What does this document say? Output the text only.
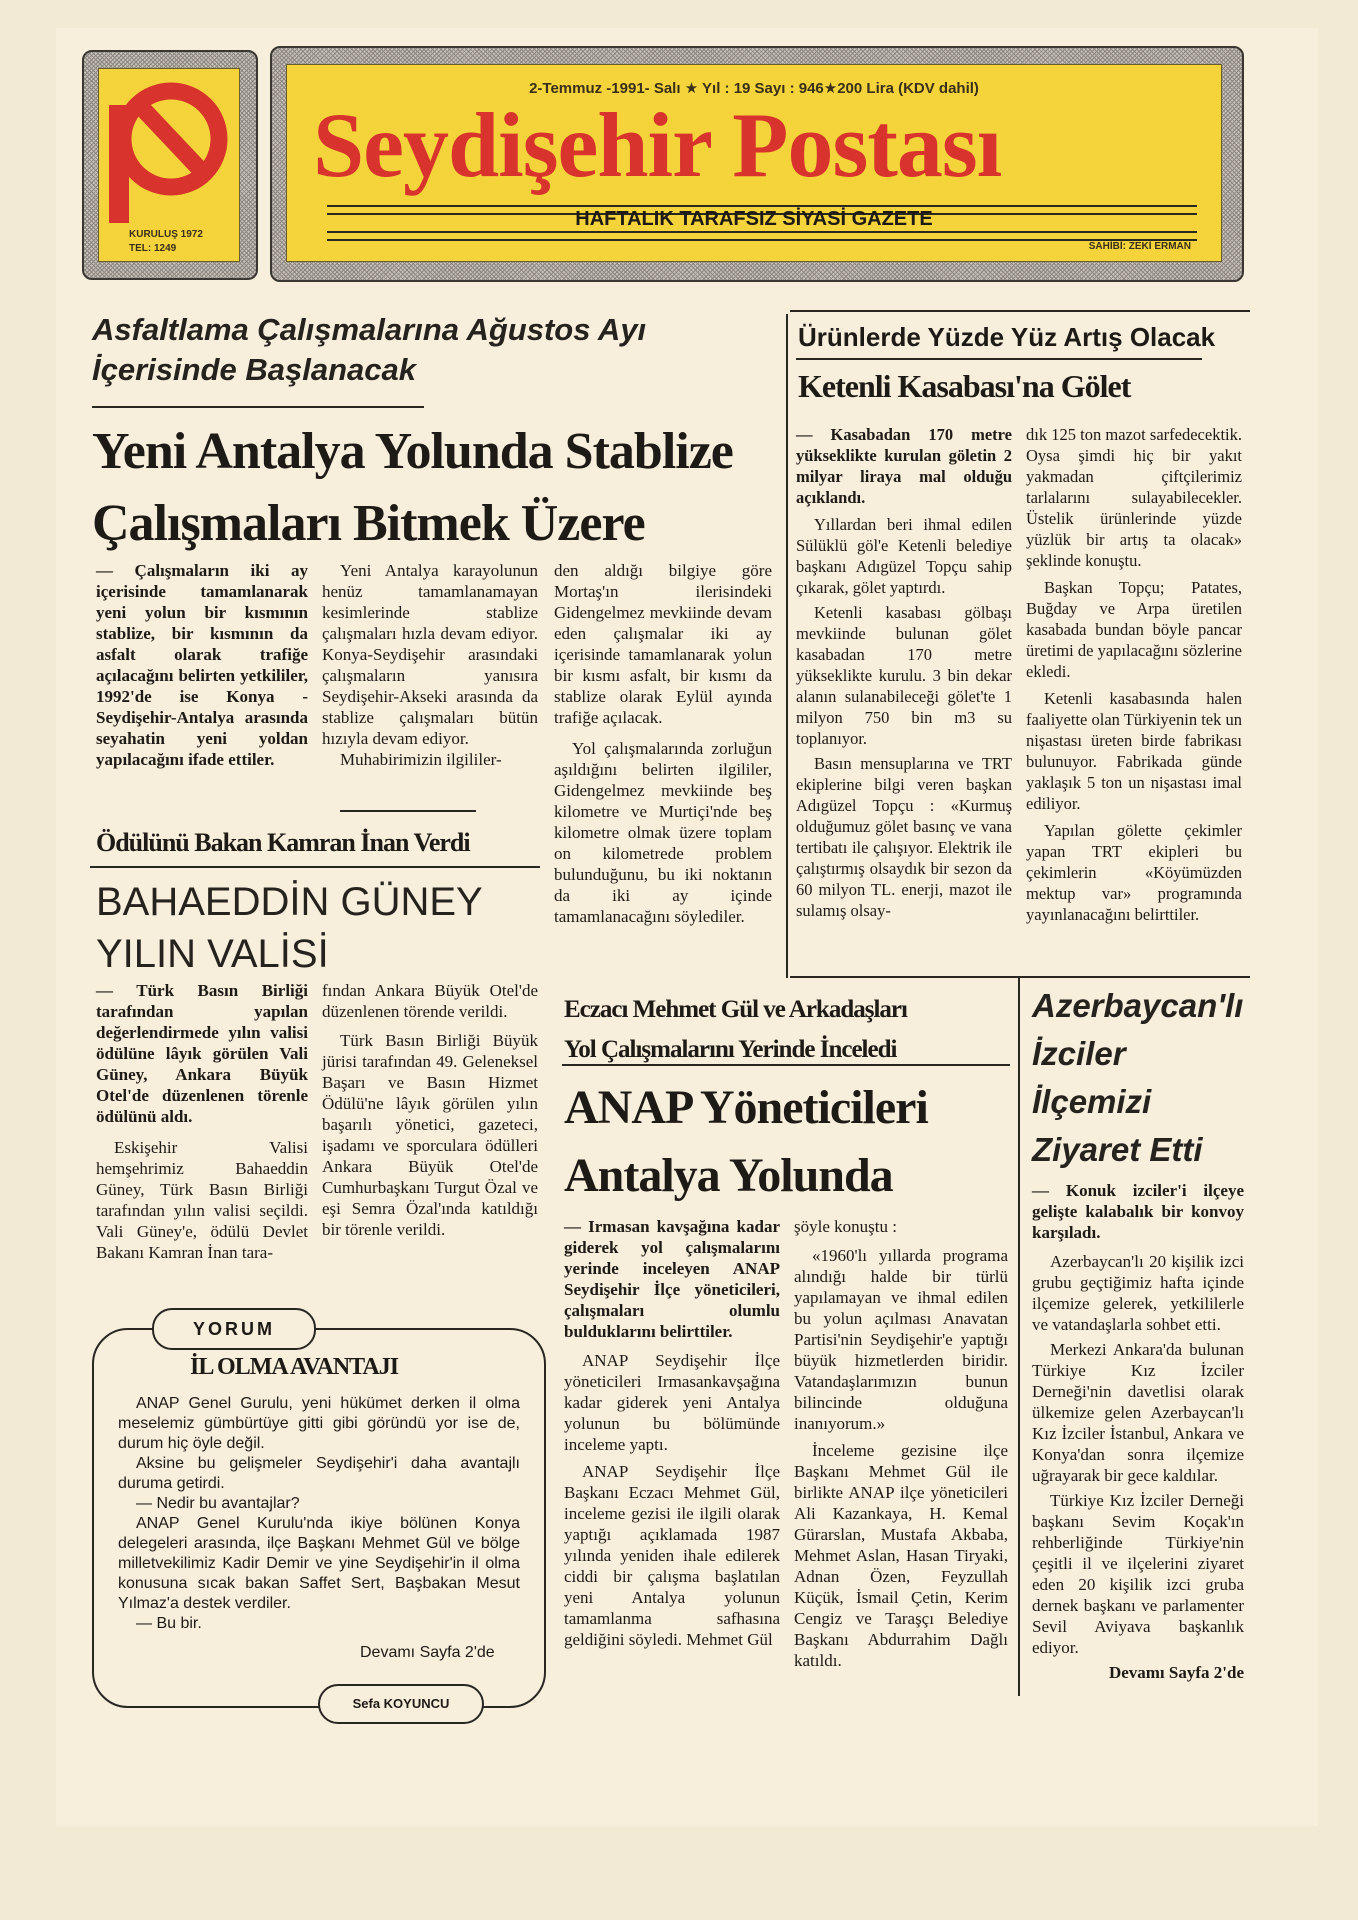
KURULUŞ 1972
TEL: 1249
2-Temmuz -1991- Salı ★ Yıl : 19 Sayı : 946★200 Lira (KDV dahil)
Seydişehir Postası
HAFTALIK TARAFSIZ SİYASİ GAZETE
SAHİBİ: ZEKİ ERMAN
Asfaltlama Çalışmalarına Ağustos Ayı
İçerisinde Başlanacak
Yeni Antalya Yolunda Stablize
Çalışmaları Bitmek Üzere
— Çalışmaların iki ay içerisinde tamamlanarak yeni yolun bir kısmının stablize, bir kısmının da asfalt olarak trafiğe açılacağını belirten yetkililer, 1992'de ise Konya - Seydişehir-Antalya arasında seyahatin yeni yoldan yapılacağını ifade ettiler.

Yeni Antalya karayolunun henüz tamamlanamayan kesimlerinde stablize çalışmaları hızla devam ediyor. Konya-Seydişehir arasındaki çalışmaların yanısıra Seydişehir-Akseki arasında da stablize çalışmaları bütün hızıyla devam ediyor.

Muhabirimizin ilgililer-

den aldığı bilgiye göre Mortaş'ın ilerisindeki Gidengelmez mevkiinde devam eden çalışmalar iki ay içerisinde tamamlanarak yolun bir kısmı asfalt, bir kısmı da stablize olarak Eylül ayında trafiğe açılacak.

Yol çalışmalarında zorluğun aşıldığını belirten ilgililer, Gidengelmez mevkiinde beş kilometre ve Murtiçi'nde beş kilometre olmak üzere toplam on kilometrede problem bulunduğunu, bu iki noktanın da iki ay içinde tamamlanacağını söylediler.

Ödülünü Bakan Kamran İnan Verdi
BAHAEDDİN GÜNEY
YILIN VALİSİ

— Türk Basın Birliği tarafından yapılan değerlendirmede yılın valisi ödülüne lâyık görülen Vali Güney, Ankara Büyük Otel'de düzenlenen törenle ödülünü aldı.

Eskişehir Valisi hemşehrimiz Bahaeddin Güney, Türk Basın Birliği tarafından yılın valisi seçildi. Vali Güney'e, ödülü Devlet Bakanı Kamran İnan tara-

fından Ankara Büyük Otel'de düzenlenen törende verildi.

Türk Basın Birliği Büyük jürisi tarafından 49. Geleneksel Başarı ve Basın Hizmet Ödülü'ne lâyık görülen yılın başarılı yönetici, gazeteci, işadamı ve sporculara ödülleri Ankara Büyük Otel'de Cumhurbaşkanı Turgut Özal ve eşi Semra Özal'ında katıldığı bir törenle verildi.

YORUM
İL OLMA AVANTAJI

ANAP Genel Gurulu, yeni hükümet derken il olma meselemiz gümbürtüye gitti gibi göründü yor ise de, durum hiç öyle değil.

Aksine bu gelişmeler Seydişehir'i daha avantajlı duruma getirdi.

— Nedir bu avantajlar?

ANAP Genel Kurulu'nda ikiye bölünen Konya delegeleri arasında, ilçe Başkanı Mehmet Gül ve bölge milletvekilimiz Kadir Demir ve yine Seydişehir'in il olma konusuna sıcak bakan Saffet Sert, Başbakan Mesut Yılmaz'a destek verdiler.

— Bu bir.

Devamı Sayfa 2'de
Sefa KOYUNCU
Ürünlerde Yüzde Yüz Artış Olacak
Ketenli Kasabası'na Gölet

— Kasabadan 170 metre yükseklikte kurulan göletin 2 milyar liraya mal olduğu açıklandı.

Yıllardan beri ihmal edilen Sülüklü göl'e Ketenli belediye başkanı Adıgüzel Topçu sahip çıkarak, gölet yaptırdı.

Ketenli kasabası gölbaşı mevkiinde bulunan gölet kasabadan 170 metre yükseklikte kurulu. 3 bin dekar alanın sulanabileceği gölet'te 1 milyon 750 bin m3 su toplanıyor.

Basın mensuplarına ve TRT ekiplerine bilgi veren başkan Adıgüzel Topçu : «Kurmuş olduğumuz gölet basınç ve vana tertibatı ile çalışıyor. Elektrik ile çalıştırmış olsaydık bir sezon da 60 milyon TL. enerji, mazot ile sulamış olsay-

dık 125 ton mazot sarfedecektik. Oysa şimdi hiç bir yakıt yakmadan çiftçilerimiz tarlalarını sulayabilecekler. Üstelik ürünlerinde yüzde yüzlük bir artış ta olacak» şeklinde konuştu.

Başkan Topçu; Patates, Buğday ve Arpa üretilen kasabada bundan böyle pancar üretimi de yapılacağını sözlerine ekledi.

Ketenli kasabasında halen faaliyette olan Türkiyenin tek un nişastası üreten birde fabrikası bulunuyor. Fabrikada günde yaklaşık 5 ton un nişastası imal ediliyor.

Yapılan gölette çekimler yapan TRT ekipleri bu çekimlerin «Köyümüzden mektup var» programında yayınlanacağını belirttiler.

Eczacı Mehmet Gül ve Arkadaşları
Yol Çalışmalarını Yerinde İnceledi
ANAP Yöneticileri
Antalya Yolunda

— Irmasan kavşağına kadar giderek yol çalışmalarını yerinde inceleyen ANAP Seydişehir İlçe yöneticileri, çalışmaları olumlu bulduklarını belirttiler.

ANAP Seydişehir İlçe yöneticileri Irmasankavşağına kadar giderek yeni Antalya yolunun bu bölümünde inceleme yaptı.

ANAP Seydişehir İlçe Başkanı Eczacı Mehmet Gül, inceleme gezisi ile ilgili olarak yaptığı açıklamada 1987 yılında yeniden ihale edilerek ciddi bir çalışma başlatılan yeni Antalya yolunun tamamlanma safhasına geldiğini söyledi. Mehmet Gül

şöyle konuştu :

«1960'lı yıllarda programa alındığı halde bir türlü yapılamayan ve ihmal edilen bu yolun açılması Anavatan Partisi'nin Seydişehir'e yaptığı büyük hizmetlerden biridir. Vatandaşlarımızın bunun bilincinde olduğuna inanıyorum.»

İnceleme gezisine ilçe Başkanı Mehmet Gül ile birlikte ANAP ilçe yöneticileri Ali Kazankaya, H. Kemal Gürarslan, Mustafa Akbaba, Mehmet Aslan, Hasan Tiryaki, Adnan Özen, Feyzullah Küçük, İsmail Çetin, Kerim Cengiz ve Taraşçı Belediye Başkanı Abdurrahim Dağlı katıldı.

Azerbaycan'lı
İzciler
İlçemizi
Ziyaret Etti

— Konuk izciler'i ilçeye gelişte kalabalık bir konvoy karşıladı.

Azerbaycan'lı 20 kişilik izci grubu geçtiğimiz hafta içinde ilçemize gelerek, yetkililerle ve vatandaşlarla sohbet etti.

Merkezi Ankara'da bulunan Türkiye Kız İzciler Derneği'nin davetlisi olarak ülkemize gelen Azerbaycan'lı Kız İzciler İstanbul, Ankara ve Konya'dan sonra ilçemize uğrayarak bir gece kaldılar.

Türkiye Kız İzciler Derneği başkanı Sevim Koçak'ın rehberliğinde Türkiye'nin çeşitli il ve ilçelerini ziyaret eden 20 kişilik izci gruba dernek başkanı ve parlamenter Sevil Aviyava başkanlık ediyor.

Devamı Sayfa 2'de
